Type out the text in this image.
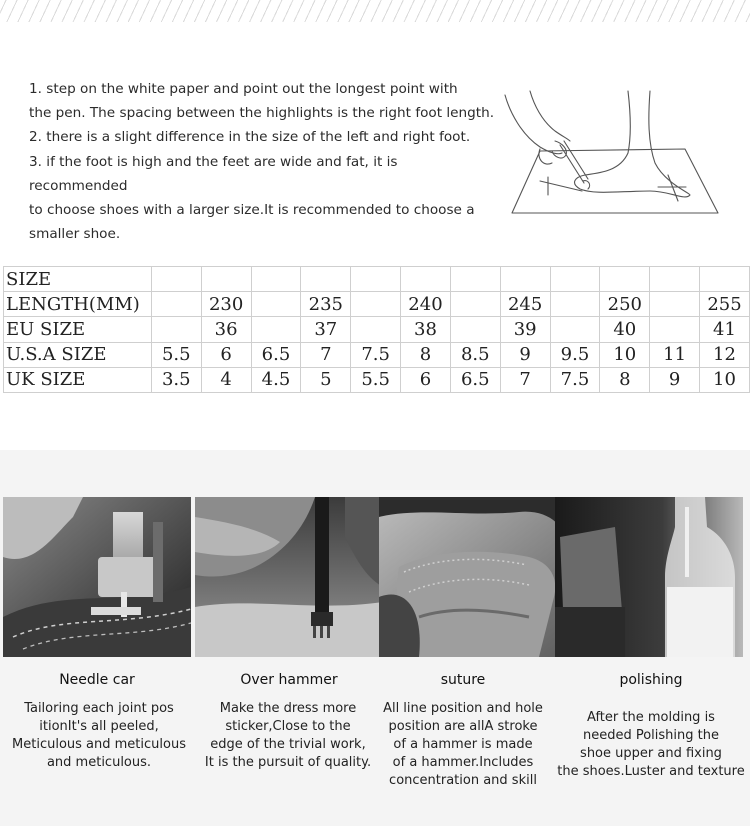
1. step on the white paper and point out the longest point with

the pen. The spacing between the highlights is the right foot length.

2. there is a slight difference in the size of the left and right foot.

3. if the foot is high and the feet are wide and fat, it is recommended

to choose shoes with a larger size.It is recommended to choose a

smaller shoe.

SIZE												
LENGTH(MM)		230		235		240		245		250		255
EU SIZE		36		37		38		39		40		41
U.S.A SIZE	5.5	6	6.5	7	7.5	8	8.5	9	9.5	10	11	12
UK SIZE	3.5	4	4.5	5	5.5	6	6.5	7	7.5	8	9	10
Needle car	Over hammer	suture	polishing
Tailoring each joint pos
itionIt's all peeled,
Meticulous and meticulous
and meticulous.
Make the dress more
sticker,Close to the
edge of the trivial work,
It is the pursuit of quality.
All line position and hole
position are allA stroke
of a hammer is made
of a hammer.Includes
concentration and skill
After the molding is
needed Polishing the
shoe upper and fixing
the shoes.Luster and texture
